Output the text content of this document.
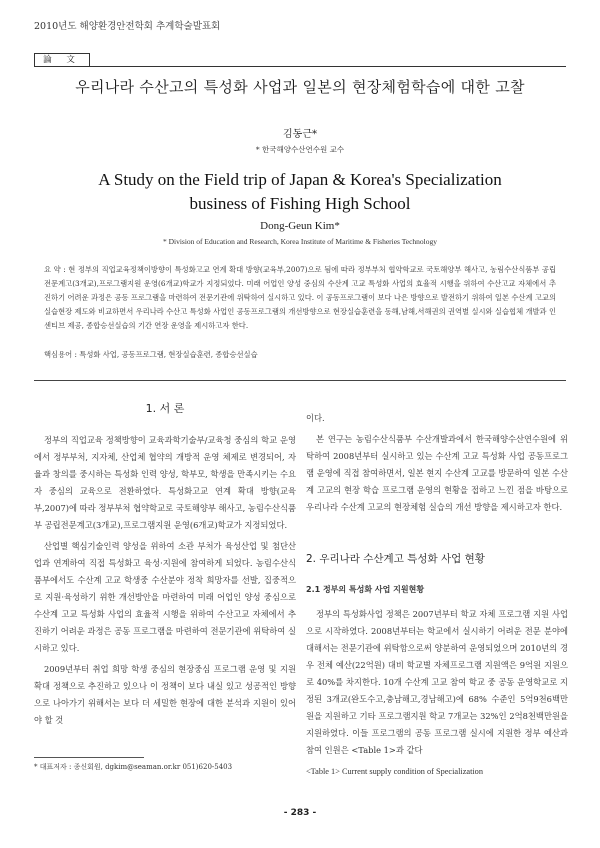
2010년도 해양환경안전학회 추계학술발표회
論 文
우리나라 수산고의 특성화 사업과 일본의 현장체험학습에 대한 고찰
김동근*
* 한국해양수산연수원 교수
A Study on the Field trip of Japan & Korea's Specialization
business of Fishing High School
Dong-Geun Kim*
* Division of Education and Research, Korea Institute of Maritime & Fisheries Technology
요 약 : 현 정부의 직업교육정책이방향이 특성화고교 연계 확대 방향(교육부,2007)으로 됨에 따라 정부부처 협약학교로 국토해양부 해사고, 농림수산식품부 공립전문계고(3개교),프로그램지원 운영(6개교)학교가 지정되었다. 미래 어업인 양성 중심의 수산계 고교 특성화 사업의 효율적 시행을 위하여 수산고교 자체에서 추진하기 어려운 과정은 공동 프로그램을 마련하여 전문기관에 위탁하여 실시하고 있다. 이 공동프로그램이 보다 나은 방향으로 발전하기 위하여 일본 수산계 고교의 실습현장 제도와 비교하면서 우리나라 수산고 특성화 사업인 공동프로그램의 개선방향으로 현장실습훈련을 동해,남해,서해권의 권역별 실시와 실습협체 개발과 인센티브 제공, 종합승선실습의 기간 연장 운영을 제시하고자 한다.
핵심용어 : 특성화 사업, 공동프로그램, 현장실습훈련, 종합승선실습
1. 서 론

정부의 직업교육 정책방향이 교육과학기술부/교육청 중심의 학교 운영에서 정부부처, 지자체, 산업체 협약의 개방적 운영 체제로 변경되어, 자율과 창의를 중시하는 특성화 인력 양성, 학부모, 학생을 만족시키는 수요자 중심의 교육으로 전환하였다. 특성화고교 연계 확대 방향(교육부,2007)에 따라 정부부처 협약학교로 국토해양부 해사고, 농림수산식품부 공립전문계고(3개교),프로그램지원 운영(6개교)학교가 지정되었다.

산업별 핵심기술인력 양성을 위하여 소관 부처가 육성산업 및 첨단산업과 연계하여 직접 특성화고 육성·지원에 참여하게 되었다. 농림수산식품부에서도 수산계 고교 학생중 수산분야 정착 희망자를 선발, 집중적으로 지원·육성하기 위한 개선방안을 마련하여 미래 어업인 양성 중심으로 수산계 고교 특성화 사업의 효율적 시행을 위하여 수산고교 자체에서 추진하기 어려운 과정은 공동 프로그램을 마련하여 전문기관에 위탁하여 실시하고 있다.

2009년부터 취업 희망 학생 중심의 현장중심 프로그램 운영 및 지원 확대 정책으로 추진하고 있으나 이 정책이 보다 내실 있고 성공적인 방향으로 나아가기 위해서는 보다 더 세밀한 현장에 대한 분석과 지원이 있어야 할 것

이다.

본 연구는 농림수산식품부 수산개발과에서 한국해양수산연수원에 위탁하여 2008년부터 실시하고 있는 수산계 고교 특성화 사업 공동프로그램 운영에 직접 참여하면서, 일본 현지 수산계 고교를 방문하여 일본 수산계 고교의 현장 학습 프로그램 운영의 현황을 접하고 느낀 점을 바탕으로 우리나라 수산계 고교의 현장체험 실습의 개선 방향을 제시하고자 한다.

2. 우리나라 수산계고 특성화 사업 현황
2.1 정부의 특성화 사업 지원현황

정부의 특성화사업 정책은 2007년부터 학교 자체 프로그램 지원 사업으로 시작하였다. 2008년부터는 학교에서 실시하기 어려운 전문 분야에 대해서는 전문기관에 위탁함으로써 양분하여 운영되었으며 2010년의 경우 전체 예산(22억원) 대비 학교별 자체프로그램 지원액은 9억원 지원으로 40%를 차지한다. 10개 수산계 고교 참여 학교 중 공동 운영학교로 지정된 3개교(완도수고,충남해고,경남해고)에 68% 수준인 5억9천6백만원을 지원하고 기타 프로그램지원 학교 7개교는 32%인 2억8천백만원을 지원하였다. 이들 프로그램의 공동 프로그램 실시에 지원한 정부 예산과 참여 인원은 <Table 1>과 같다

<Table 1> Current supply condition of Specialization

* 대표저자 : 종신회원, dgkim@seaman.or.kr 051)620-5403
- 283 -
